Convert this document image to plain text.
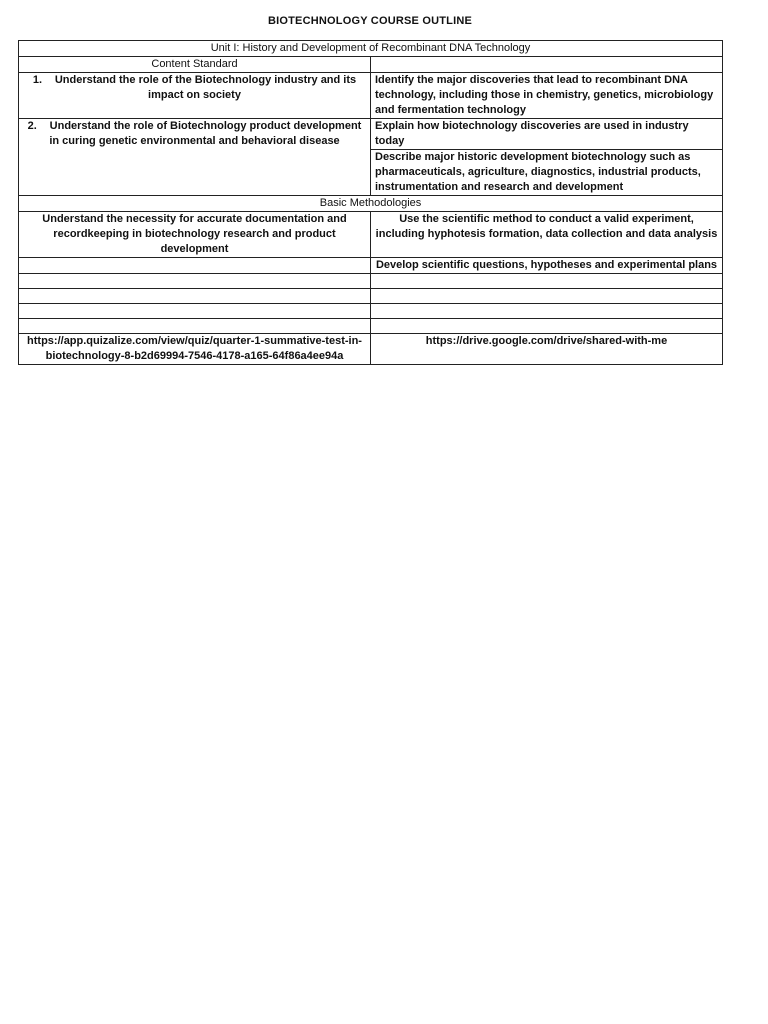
BIOTECHNOLOGY COURSE OUTLINE
Unit I: History and Development of Recombinant DNA Technology	
Content Standard	
1. Understand the role of the Biotechnology industry and its impact on society	Identify the major discoveries that lead to recombinant DNA technology, including those in chemistry, genetics, microbiology and fermentation technology
2. Understand the role of Biotechnology product development in curing genetic environmental and behavioral disease	Explain how biotechnology discoveries are used in industry today
	Describe major historic development biotechnology such as pharmaceuticals, agriculture, diagnostics, industrial products, instrumentation and research and development
Basic Methodologies	
Understand the necessity for accurate documentation and recordkeeping in biotechnology research and product development	Use the scientific method to conduct a valid experiment, including hyphotesis formation, data collection and data analysis
	Develop scientific questions, hypotheses and experimental plans

https://app.quizalize.com/view/quiz/quarter-1-summative-test-in-biotechnology-8-b2d69994-7546-4178-a165-64f86a4ee94a	https://drive.google.com/drive/shared-with-me
